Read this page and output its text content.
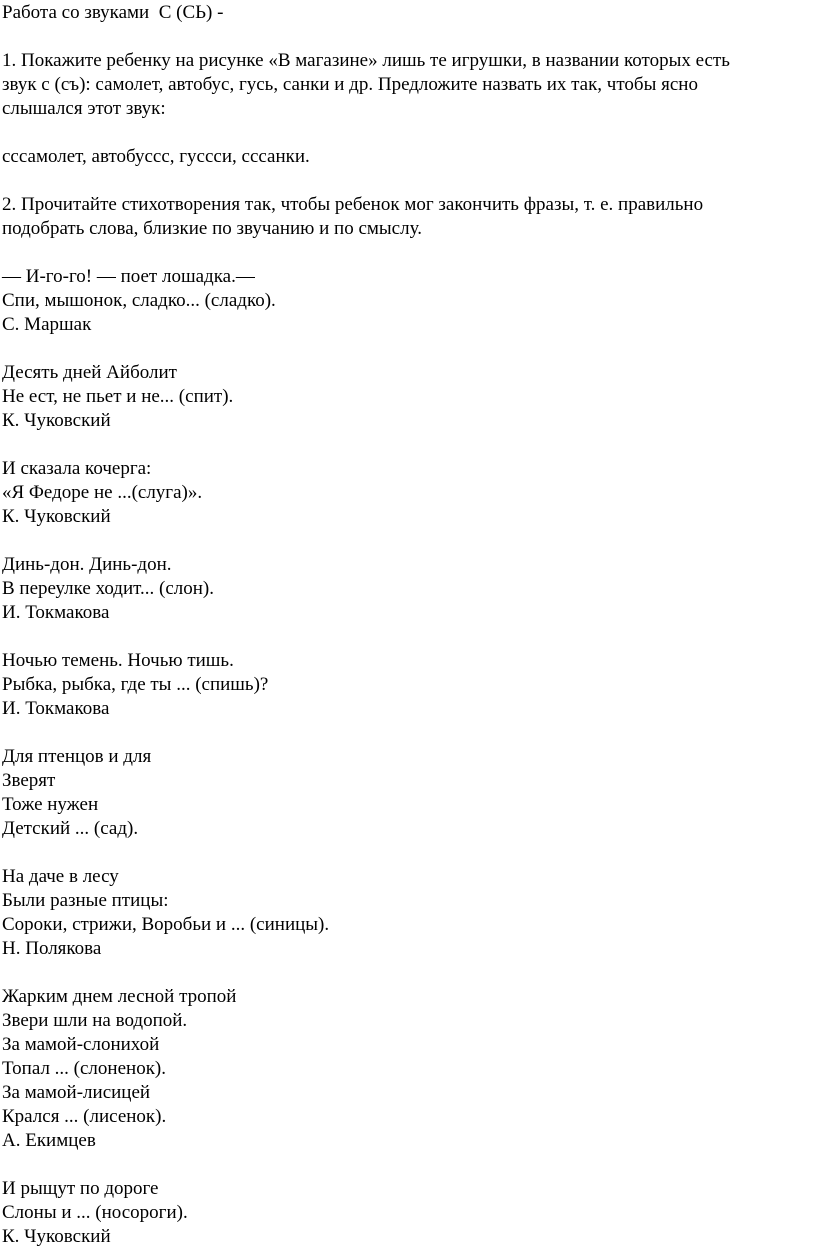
Работа со звуками  С (СЬ) -
1. Покажите ребенку на рисунке «В магазине» лишь те игрушки, в названии которых есть
звук с (съ): самолет, автобус, гусь, санки и др. Предложите назвать их так, чтобы ясно
слышался этот звук:
сссамолет, автобуссс, гуссси, сссанки.
2. Прочитайте стихотворения так, чтобы ребенок мог закончить фразы, т. е. правильно
подобрать слова, близкие по звучанию и по смыслу.
— И-го-го! — поет лошадка.—
Спи, мышонок, сладко... (сладко).
С. Маршак
Десять дней Айболит
Не ест, не пьет и не... (спит).
К. Чуковский
И сказала кочерга:
«Я Федоре не ...(слуга)».
К. Чуковский
Динь-дон. Динь-дон.
В переулке ходит... (слон).
И. Токмакова
Ночью темень. Ночью тишь.
Рыбка, рыбка, где ты ... (спишь)?
И. Токмакова
Для птенцов и для
Зверят
Тоже нужен
Детский ... (сад).
На даче в лесу
Были разные птицы:
Сороки, стрижи, Воробьи и ... (синицы).
Н. Полякова
Жарким днем лесной тропой
Звери шли на водопой.
За мамой-слонихой
Топал ... (слоненок).
За мамой-лисицей
Крался ... (лисенок).
А. Екимцев
И рыщут по дороге
Слоны и ... (носороги).
К. Чуковский
